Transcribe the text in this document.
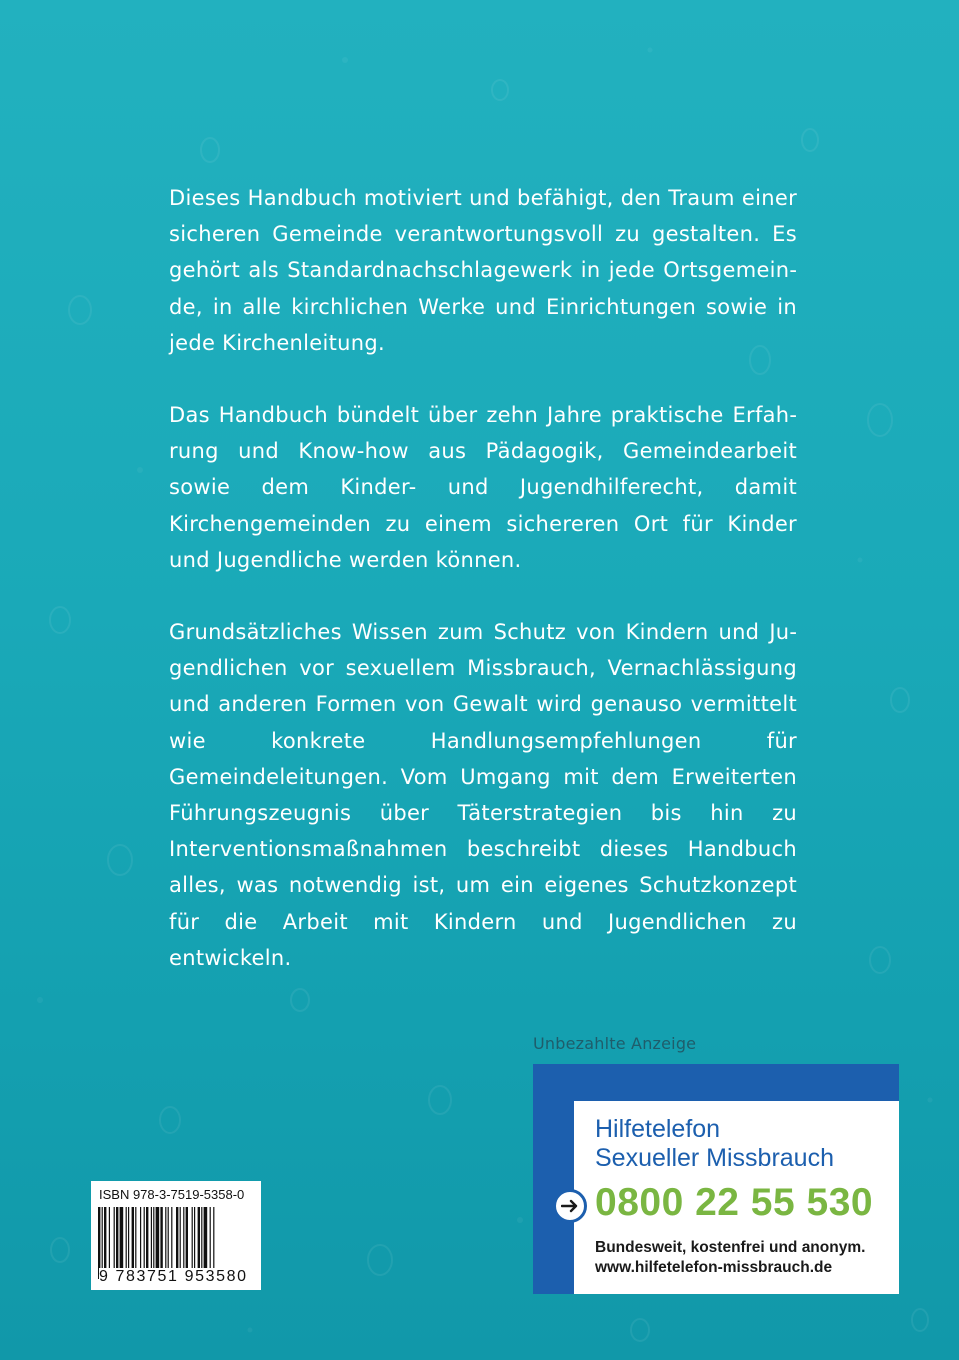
Dieses Handbuch motiviert und befähigt, den Traum einer sicheren Gemeinde verantwortungsvoll zu gestalten. Es gehört als Standardnachschlagewerk in jede Ortsgemeinde, in alle kirchlichen Werke und Einrichtungen sowie in jede Kirchenleitung.

Das Handbuch bündelt über zehn Jahre praktische Erfahrung und Know-how aus Pädagogik, Gemeindearbeit sowie dem Kinder- und Jugendhilferecht, damit Kirchengemeinden zu einem sichereren Ort für Kinder und Jugendliche werden können.

Grundsätzliches Wissen zum Schutz von Kindern und Jugendlichen vor sexuellem Missbrauch, Vernachlässigung und anderen Formen von Gewalt wird genauso vermittelt wie konkrete Handlungsempfehlungen für Gemeindeleitungen. Vom Umgang mit dem Erweiterten Führungszeugnis über Täterstrategien bis hin zu Interventionsmaßnahmen beschreibt dieses Handbuch alles, was notwendig ist, um ein eigenes Schutzkonzept für die Arbeit mit Kindern und Jugendlichen zu entwickeln.

Unbezahlte Anzeige
Hilfetelefon
Sexueller Missbrauch
0800 22 55 530
Bundesweit, kostenfrei und anonym.
www.hilfetelefon-missbrauch.de
ISBN 978-3-7519-5358-0
9 783751 953580
